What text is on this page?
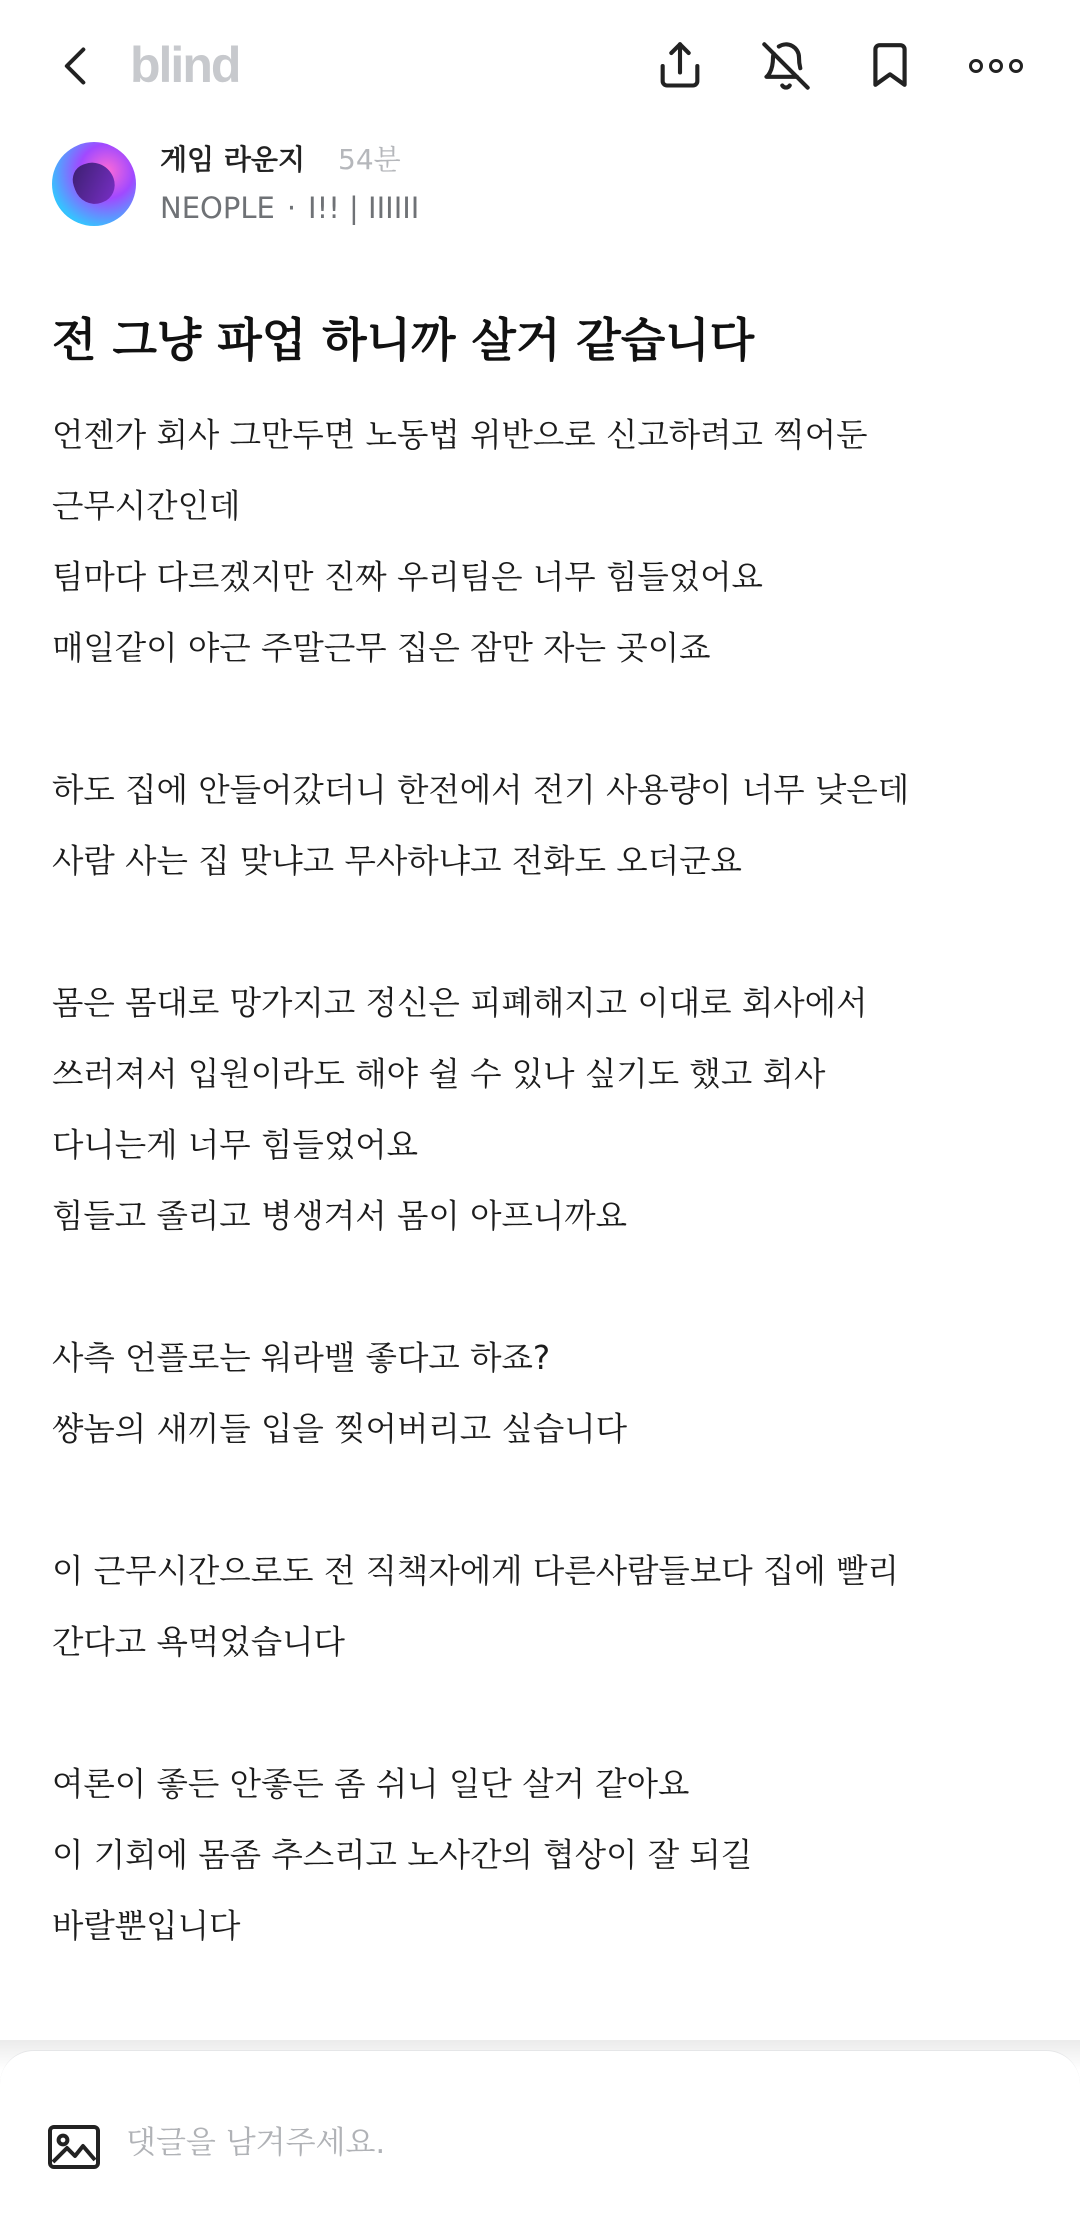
blind
게임 라운지 54분
NEOPLE · I!! | IIIIII
전 그냥 파업 하니까 살거 같습니다
언젠가 회사 그만두면 노동법 위반으로 신고하려고 찍어둔
근무시간인데
팀마다 다르겠지만 진짜 우리팀은 너무 힘들었어요
매일같이 야근 주말근무 집은 잠만 자는 곳이죠
하도 집에 안들어갔더니 한전에서 전기 사용량이 너무 낮은데
사람 사는 집 맞냐고 무사하냐고 전화도 오더군요
몸은 몸대로 망가지고 정신은 피폐해지고 이대로 회사에서
쓰러져서 입원이라도 해야 쉴 수 있나 싶기도 했고 회사
다니는게 너무 힘들었어요
힘들고 졸리고 병생겨서 몸이 아프니까요
사측 언플로는 워라밸 좋다고 하죠?
썅놈의 새끼들 입을 찢어버리고 싶습니다
이 근무시간으로도 전 직책자에게 다른사람들보다 집에 빨리
간다고 욕먹었습니다
여론이 좋든 안좋든 좀 쉬니 일단 살거 같아요
이 기회에 몸좀 추스리고 노사간의 협상이 잘 되길
바랄뿐입니다
댓글을 남겨주세요.
